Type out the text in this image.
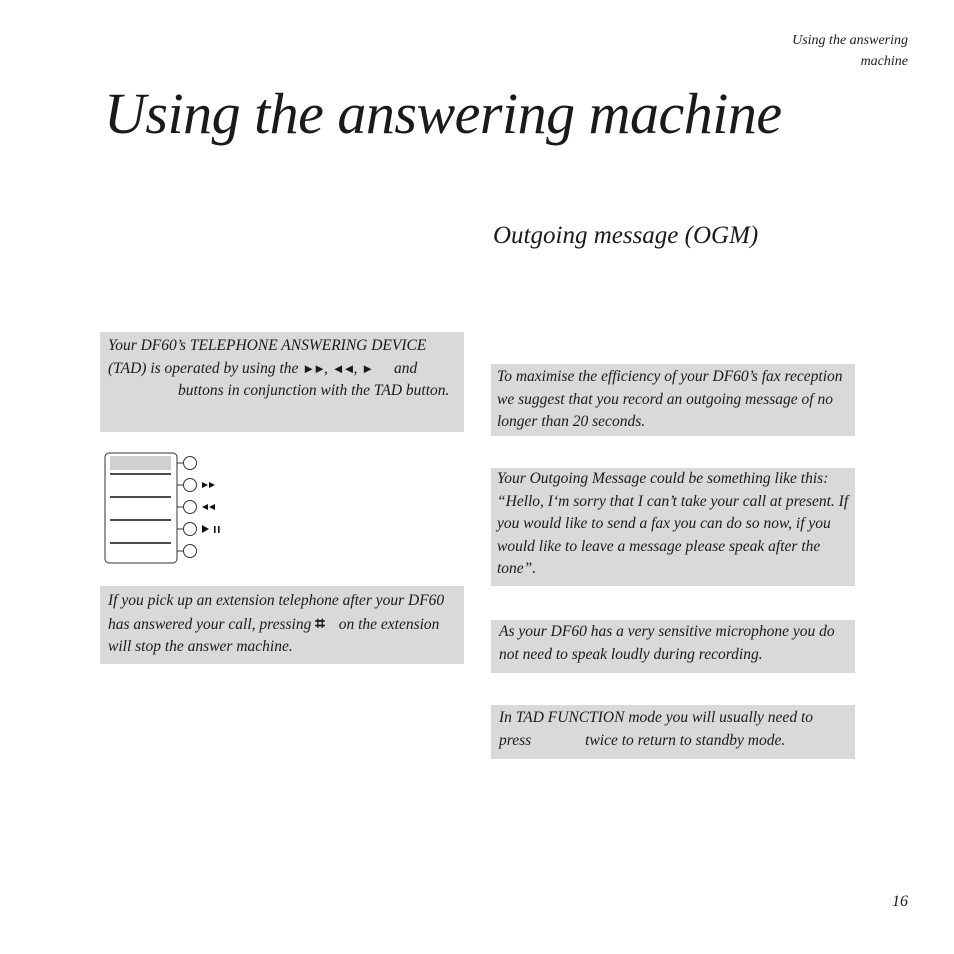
Using the answering
machine
Using the answering machine
Outgoing message (OGM)

Your DF60’s TELEPHONE ANSWERING DEVICE (TAD) is operated by using the ►►, ◄◄, ► andbuttons in conjunction with the TAD button.

If you pick up an extension telephone after your DF60 has answered your call, pressing ⌗ on the extension will stop the answer machine.

To maximise the efficiency of your DF60’s fax reception we suggest that you record an outgoing message of no longer than 20 seconds.

Your Outgoing Message could be something like this: “Hello, I‘m sorry that I can’t take your call at present. If you would like to send a fax you can do so now, if you would like to leave a message please speak after the tone”.

As your DF60 has a very sensitive microphone you do not need to speak loudly during recording.

In TAD FUNCTION mode you will usually need to press	twice to return to standby mode.

16
